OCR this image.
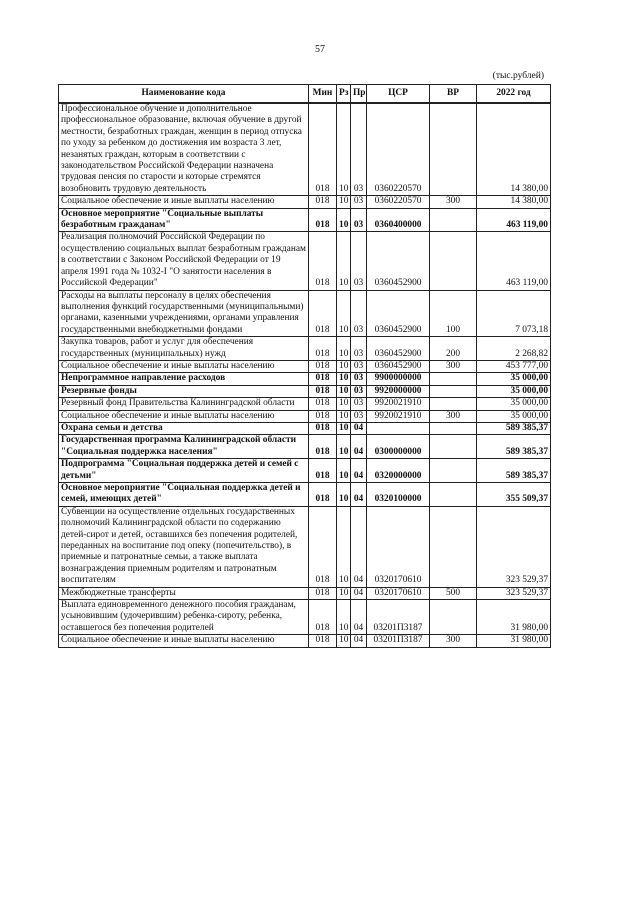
57
(тыс.рублей)
Наименование кода	Мин	Рз	Пр	ЦСР	ВР	2022 год
Профессиональное обучение и дополнительное профессиональное образование, включая обучение в другой местности, безработных граждан, женщин в период отпуска по уходу за ребенком до достижения им возраста 3 лет, незанятых граждан, которым в соответствии с законодательством Российской Федерации назначена трудовая пенсия по старости и которые стремятся возобновить трудовую деятельность	018	10	03	0360220570		14 380,00
Социальное обеспечение и иные выплаты населению	018	10	03	0360220570	300	14 380,00
Основное мероприятие "Социальные выплаты безработным гражданам"	018	10	03	0360400000		463 119,00
Реализация полномочий Российской Федерации по осуществлению социальных выплат безработным гражданам в соответствии с Законом Российской Федерации от 19 апреля 1991 года № 1032-I "О занятости населения в Российской Федерации"	018	10	03	0360452900		463 119,00
Расходы на выплаты персоналу в целях обеспечения выполнения функций государственными (муниципальными) органами, казенными учреждениями, органами управления государственными внебюджетными фондами	018	10	03	0360452900	100	7 073,18
Закупка товаров, работ и услуг для обеспечения государственных (муниципальных) нужд	018	10	03	0360452900	200	2 268,82
Социальное обеспечение и иные выплаты населению	018	10	03	0360452900	300	453 777,00
Непрограммное направление расходов	018	10	03	9900000000		35 000,00
Резервные фонды	018	10	03	9920000000		35 000,00
Резервный фонд Правительства Калининградской области	018	10	03	9920021910		35 000,00
Социальное обеспечение и иные выплаты населению	018	10	03	9920021910	300	35 000,00
Охрана семьи и детства	018	10	04			589 385,37
Государственная программа Калининградской области "Социальная поддержка населения"	018	10	04	0300000000		589 385,37
Подпрограмма "Социальная поддержка детей и семей с детьми"	018	10	04	0320000000		589 385,37
Основное мероприятие "Социальная поддержка детей и семей, имеющих детей"	018	10	04	0320100000		355 509,37
Субвенции на осуществление отдельных государственных полномочий Калининградской области по содержанию детей-сирот и детей, оставшихся без попечения родителей, переданных на воспитание под опеку (попечительство), в приемные и патронатные семьи, а также выплата вознаграждения приемным родителям и патронатным воспитателям	018	10	04	0320170610		323 529,37
Межбюджетные трансферты	018	10	04	0320170610	500	323 529,37
Выплата единовременного денежного пособия гражданам, усыновившим (удочерившим) ребенка-сироту, ребенка, оставшегося без попечения родителей	018	10	04	03201П3187		31 980,00
Социальное обеспечение и иные выплаты населению	018	10	04	03201П3187	300	31 980,00
